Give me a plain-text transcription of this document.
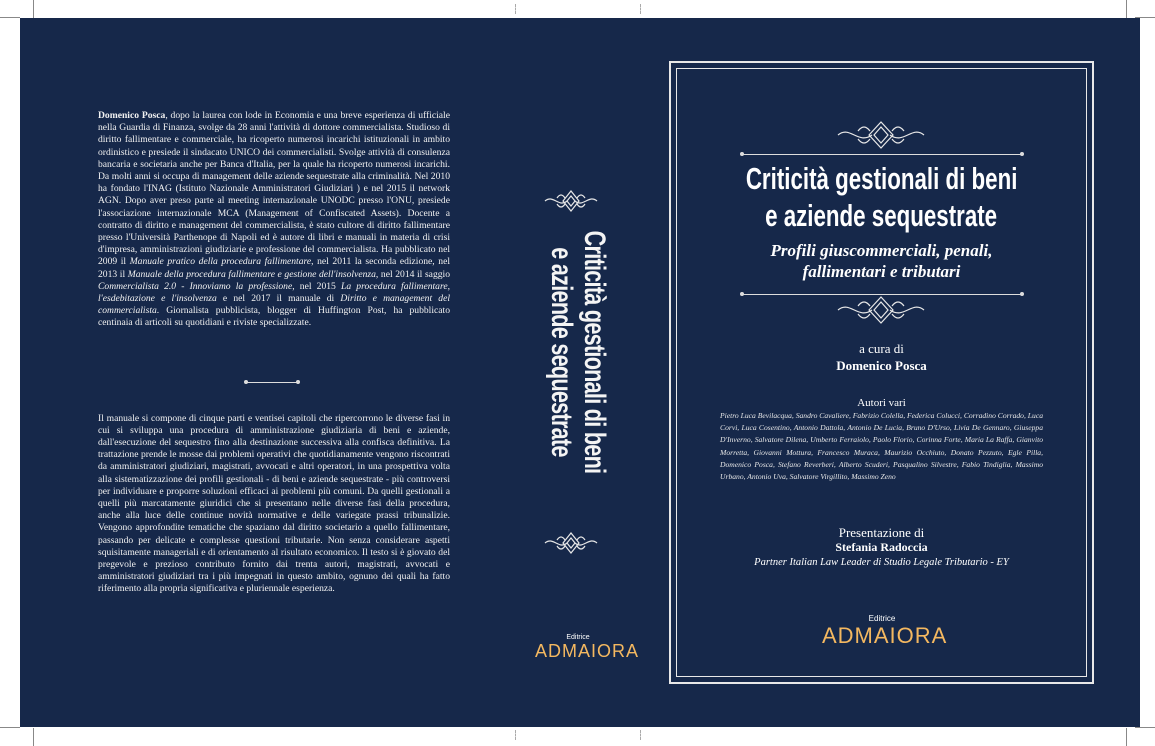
Domenico Posca, dopo la laurea con lode in Economia e una breve esperienza di ufficiale nella Guardia di Finanza, svolge da 28 anni l'attività di dottore commercialista. Studioso di diritto fallimentare e commerciale, ha ricoperto numerosi incarichi istituzionali in ambito ordinistico e presiede il sindacato UNICO dei commercialisti. Svolge attività di consulenza bancaria e societaria anche per Banca d'Italia, per la quale ha ricoperto numerosi incarichi. Da molti anni si occupa di management delle aziende sequestrate alla criminalità. Nel 2010 ha fondato l'INAG (Istituto Nazionale Amministratori Giudiziari ) e nel 2015 il network AGN. Dopo aver preso parte al meeting internazionale UNODC presso l'ONU, presiede l'associazione internazionale MCA (Management of Confiscated Assets). Docente a contratto di diritto e management del commercialista, è stato cultore di diritto fallimentare presso l'Università Parthenope di Napoli ed è autore di libri e manuali in materia di crisi d'impresa, amministrazioni giudiziarie e professione del commercialista. Ha pubblicato nel 2009 il Manuale pratico della procedura fallimentare, nel 2011 la seconda edizione, nel 2013 il Manuale della procedura fallimentare e gestione dell'insolvenza, nel 2014 il saggio Commercialista 2.0 - Innoviamo la professione, nel 2015 La procedura fallimentare, l'esdebitazione e l'insolvenza e nel 2017 il manuale di Diritto e management del commercialista. Giornalista pubblicista, blogger di Huffington Post, ha pubblicato centinaia di articoli su quotidiani e riviste specializzate.

Il manuale si compone di cinque parti e ventisei capitoli che ripercorrono le diverse fasi in cui si sviluppa una procedura di amministrazione giudiziaria di beni e aziende, dall'esecuzione del sequestro fino alla destinazione successiva alla confisca definitiva. La trattazione prende le mosse dai problemi operativi che quotidianamente vengono riscontrati da amministratori giudiziari, magistrati, avvocati e altri operatori, in una prospettiva volta alla sistematizzazione dei profili gestionali - di beni e aziende sequestrate - più controversi per individuare e proporre soluzioni efficaci ai problemi più comuni. Da quelli gestionali a quelli più marcatamente giuridici che si presentano nelle diverse fasi della procedura, anche alla luce delle continue novità normative e delle variegate prassi tribunalizie. Vengono approfondite tematiche che spaziano dal diritto societario a quello fallimentare, passando per delicate e complesse questioni tributarie. Non senza considerare aspetti squisitamente manageriali e di orientamento al risultato economico. Il testo si è giovato del pregevole e prezioso contributo fornito dai trenta autori, magistrati, avvocati e amministratori giudiziari tra i più impegnati in questo ambito, ognuno dei quali ha fatto riferimento alla propria significativa e pluriennale esperienza.

Criticità gestionali di beni
e aziende sequestrate
Editrice
ADMAIORA
Criticità gestionali di beni
e aziende sequestrate
Profili giuscommerciali, penali,
fallimentari e tributari
a cura di
Domenico Posca
Autori vari
Pietro Luca Bevilacqua, Sandro Cavaliere, Fabrizio Colella, Federica Colucci, Corradino Corrado, Luca Corvi, Luca Cosentino, Antonio Dattola, Antonio De Lucia, Bruno D'Urso, Livia De Gennaro, Giuseppa D'Inverno, Salvatore Dilena, Umberto Ferraiolo, Paolo Florio, Corinna Forte, Maria La Raffa, Gianvito Morretta, Giovanni Mottura, Francesco Muraca, Maurizio Occhiuto, Donato Pezzuto, Egle Pilla, Domenico Posca, Stefano Reverberi, Alberto Scuderi, Pasqualino Silvestre, Fabio Tindiglia, Massimo Urbano, Antonio Uva, Salvatore Virgillito, Massimo Zeno
Presentazione di
Stefania Radoccia
Partner Italian Law Leader di Studio Legale Tributario - EY
Editrice
ADMAIORA
